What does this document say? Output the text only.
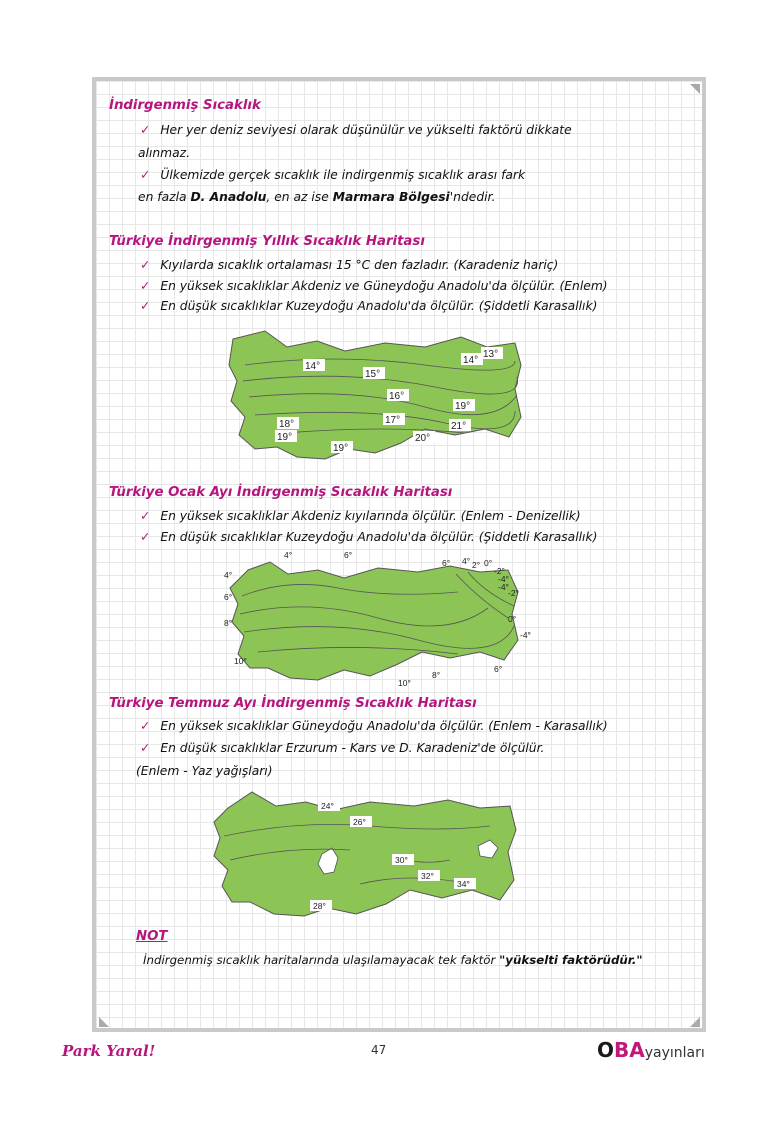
İndirgenmiş Sıcaklık
✓ Her yer deniz seviyesi olarak düşünülür ve yükselti faktörü dikkate
alınmaz.
✓ Ülkemizde gerçek sıcaklık ile indirgenmiş sıcaklık arası fark
en fazla D. Anadolu, en az ise Marmara Bölgesi'ndedir.
Türkiye İndirgenmiş Yıllık Sıcaklık Haritası
✓ Kıyılarda sıcaklık ortalaması 15 °C den fazladır. (Karadeniz hariç)
✓ En yüksek sıcaklıklar Akdeniz ve Güneydoğu Anadolu'da ölçülür. (Enlem)
✓ En düşük sıcaklıklar Kuzeydoğu Anadolu'da ölçülür. (Şiddetli Karasallık)
14°
15°
14°
13°
16°
19°
17°
18°
19°
21°
20°
19°
Türkiye Ocak Ayı İndirgenmiş Sıcaklık Haritası
✓ En yüksek sıcaklıklar Akdeniz kıyılarında ölçülür. (Enlem - Denizellik)
✓ En düşük sıcaklıklar Kuzeydoğu Anadolu'da ölçülür. (Şiddetli Karasallık)
4°	6°
4°
6°
8°
10°
6° 4° 2° 0°
-2°
-4°
-4°
-2°
0°
-4°
6°
8°
10°
Türkiye Temmuz Ayı İndirgenmiş Sıcaklık Haritası
✓ En yüksek sıcaklıklar Güneydoğu Anadolu'da ölçülür. (Enlem - Karasallık)
✓ En düşük sıcaklıklar Erzurum - Kars ve D. Karadeniz'de ölçülür.
(Enlem - Yaz yağışları)
24°
26°
30°
32°
34°
28°
NOT
İndirgenmiş sıcaklık haritalarında ulaşılamayacak tek faktör "yükselti faktörüdür."
Park Yaral!	47	OBAyayınları
